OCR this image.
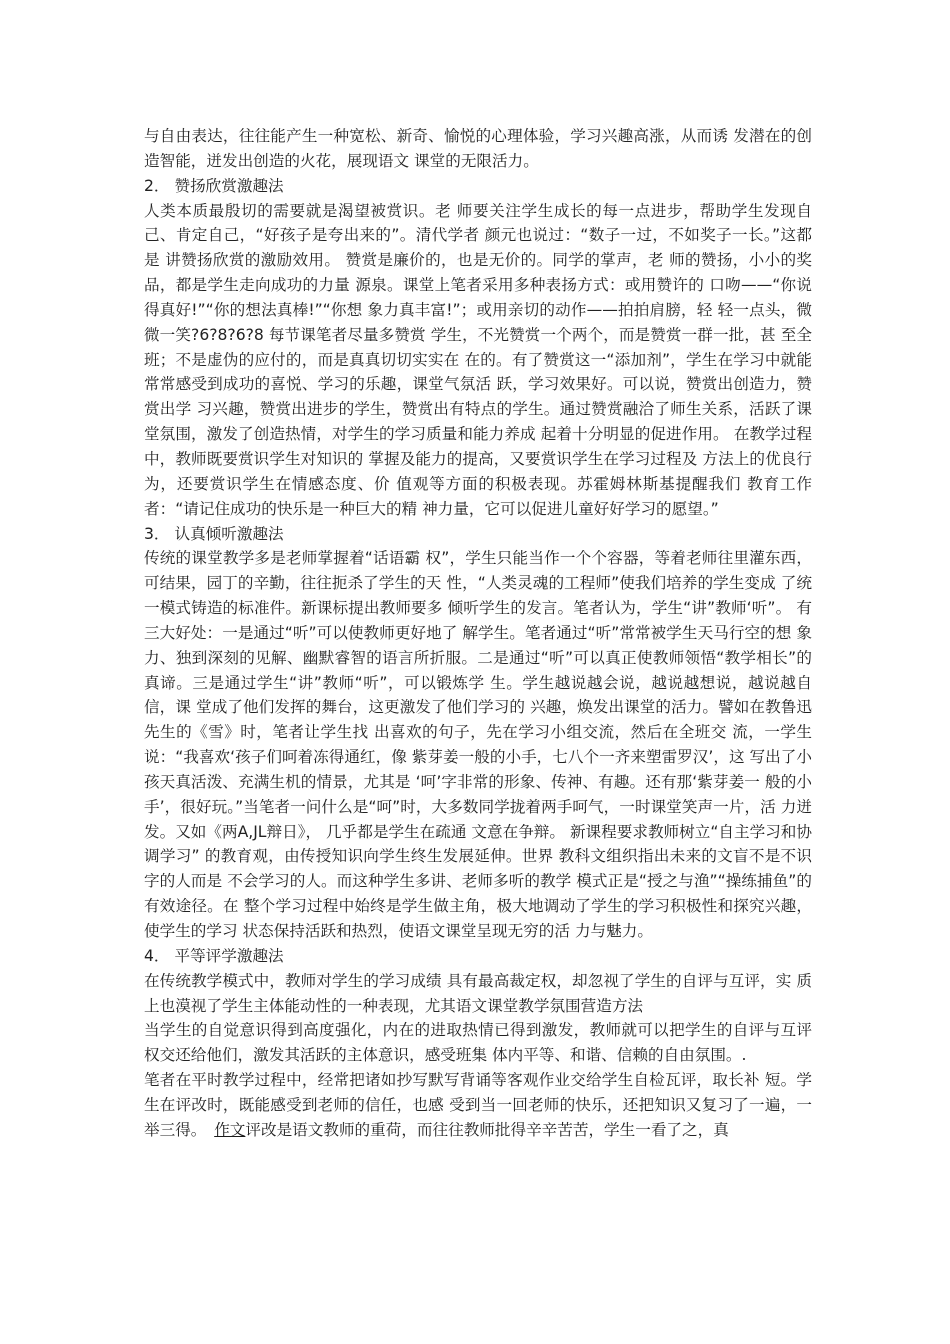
与自由表达，往往能产生一种宽松、新奇、愉悦的心理体验，学习兴趣高涨，从而诱 发潜在的创造智能，迸发出创造的火花，展现语文 课堂的无限活力。

2． 赞扬欣赏激趣法

人类本质最殷切的需要就是渴望被赏识。老 师要关注学生成长的每一点进步，帮助学生发现自己、肯定自己，“好孩子是夸出来的”。清代学者 颜元也说过：“数子一过，不如奖子一长。”这都是 讲赞扬欣赏的激励效用。 赞赏是廉价的，也是无价的。同学的掌声，老 师的赞扬，小小的奖品，都是学生走向成功的力量 源泉。课堂上笔者采用多种表扬方式：或用赞许的 口吻——“你说得真好!”“你的想法真棒!”“你想 象力真丰富!”；或用亲切的动作——拍拍肩膀，轻 轻一点头，微微一笑?6?8?6?8 每节课笔者尽量多赞赏 学生，不光赞赏一个两个，而是赞赏一群一批，甚 至全班；不是虚伪的应付的，而是真真切切实实在 在的。有了赞赏这一“添加剂”，学生在学习中就能 常常感受到成功的喜悦、学习的乐趣，课堂气氛活 跃，学习效果好。可以说，赞赏出创造力，赞赏出学 习兴趣，赞赏出进步的学生，赞赏出有特点的学生。通过赞赏融洽了师生关系，活跃了课堂氛围，激发了创造热情，对学生的学习质量和能力养成 起着十分明显的促进作用。 在教学过程中，教师既要赏识学生对知识的 掌握及能力的提高，又要赏识学生在学习过程及 方法上的优良行为，还要赏识学生在情感态度、价 值观等方面的积极表现。苏霍姆林斯基提醒我们 教育工作者：“请记住成功的快乐是一种巨大的精 神力量，它可以促进儿童好好学习的愿望。”

3． 认真倾听激趣法

传统的课堂教学多是老师掌握着“话语霸 权”，学生只能当作一个个容器，等着老师往里灌东西，可结果，园丁的辛勤，往往扼杀了学生的天 性，“人类灵魂的工程师”使我们培养的学生变成 了统一模式铸造的标准件。新课标提出教师要多 倾听学生的发言。笔者认为，学生“讲”教师‘听”。 有三大好处：一是通过“听”可以使教师更好地了 解学生。笔者通过“听”常常被学生天马行空的想 象力、独到深刻的见解、幽默睿智的语言所折服。二是通过“听”可以真正使教师领悟“教学相长”的 真谛。三是通过学生“讲”教师“听”，可以锻炼学 生。学生越说越会说，越说越想说，越说越自信，课 堂成了他们发挥的舞台，这更激发了他们学习的 兴趣，焕发出课堂的活力。譬如在教鲁迅先生的《雪》时，笔者让学生找 出喜欢的句子，先在学习小组交流，然后在全班交 流，一学生说：“我喜欢‘孩子们呵着冻得通红，像 紫芽姜一般的小手，七八个一齐来塑雷罗汉’，这 写出了小孩天真活泼、充满生机的情景，尤其是 ‘呵’字非常的形象、传神、有趣。还有那‘紫芽姜一 般的小手’，很好玩。”当笔者一问什么是“呵”时，大多数同学拢着两手呵气，一时课堂笑声一片，活 力迸发。又如《两A,JL辩日》， 几乎都是学生在疏通 文意在争辩。 新课程要求教师树立“自主学习和协调学习” 的教育观，由传授知识向学生终生发展延伸。世界 教科文组织指出未来的文盲不是不识字的人而是 不会学习的人。而这种学生多讲、老师多听的教学 模式正是“授之与渔”“操练捕鱼”的有效途径。在 整个学习过程中始终是学生做主角，极大地调动了学生的学习积极性和探究兴趣，使学生的学习 状态保持活跃和热烈，使语文课堂呈现无穷的活 力与魅力。

4． 平等评学激趣法

在传统教学模式中，教师对学生的学习成绩 具有最高裁定权，却忽视了学生的自评与互评，实 质上也漠视了学生主体能动性的一种表现，尤其语文课堂教学氛围营造方法

当学生的自觉意识得到高度强化，内在的进取热情已得到激发，教师就可以把学生的自评与互评 权交还给他们，激发其活跃的主体意识，感受班集 体内平等、和谐、信赖的自由氛围。.

笔者在平时教学过程中，经常把诸如抄写默写背诵等客观作业交给学生自检瓦评，取长补 短。学生在评改时，既能感受到老师的信任，也感 受到当一回老师的快乐，还把知识又复习了一遍，一举三得。　 作文评改是语文教师的重荷，而往往教师批得辛辛苦苦，学生一看了之，真
